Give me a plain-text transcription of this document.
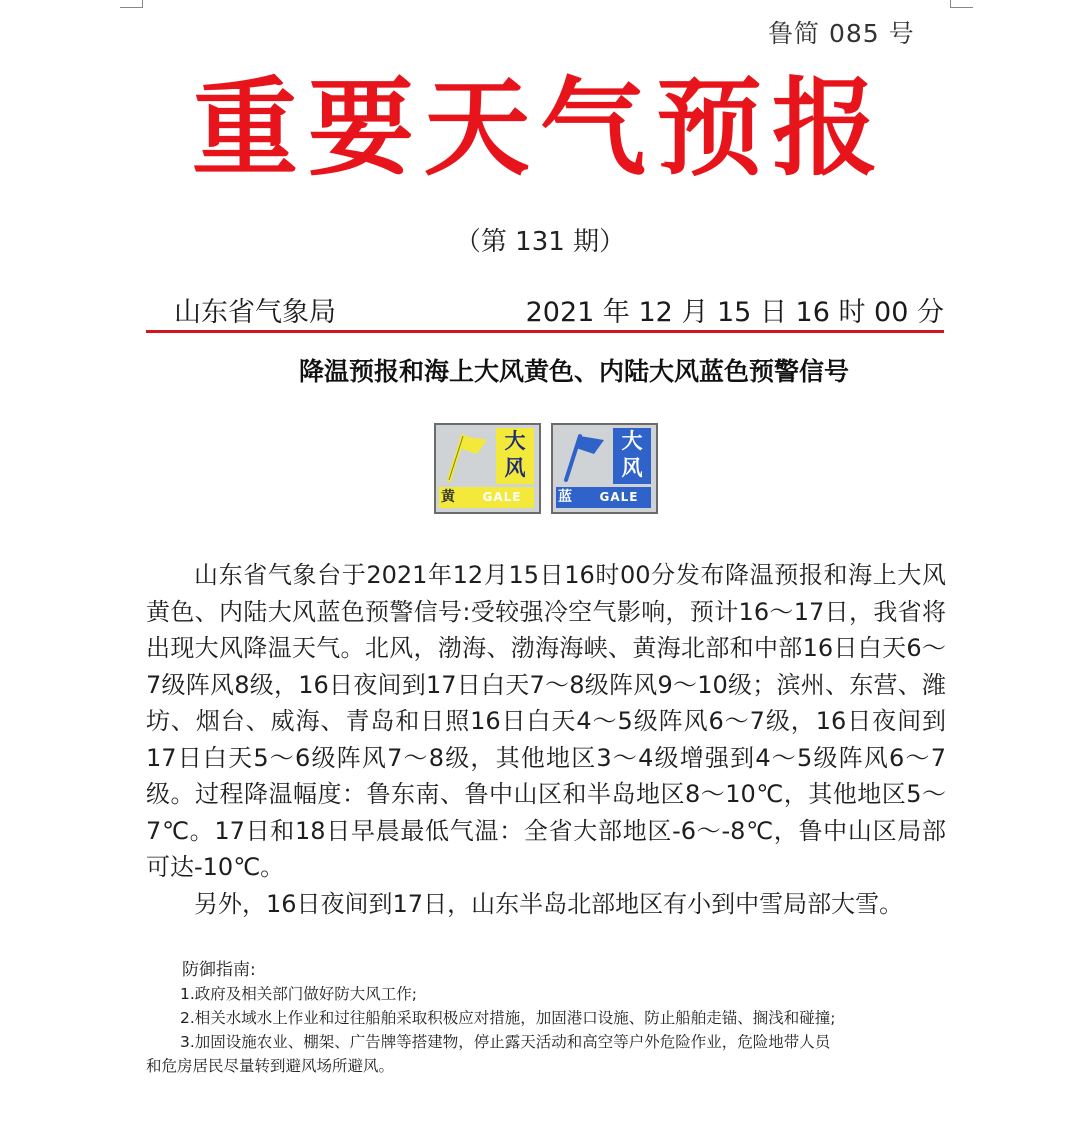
鲁简 085 号
重要天气预报
（第 131 期）
山东省气象局	2021 年 12 月 15 日 16 时 00 分
降温预报和海上大风黄色、内陆大风蓝色预警信号
大
风
黄	GALE
大
风
蓝	GALE

山东省气象台于2021年12月15日16时00分发布降温预报和海上大风黄色、内陆大风蓝色预警信号:受较强冷空气影响，预计16～17日，我省将出现大风降温天气。北风，渤海、渤海海峡、黄海北部和中部16日白天6～7级阵风8级，16日夜间到17日白天7～8级阵风9～10级；滨州、东营、潍坊、烟台、威海、青岛和日照16日白天4～5级阵风6～7级，16日夜间到17日白天5～6级阵风7～8级，其他地区3～4级增强到4～5级阵风6～7级。过程降温幅度：鲁东南、鲁中山区和半岛地区8～10℃，其他地区5～7℃。17日和18日早晨最低气温：全省大部地区-6～-8℃，鲁中山区局部可达-10℃。

另外，16日夜间到17日，山东半岛北部地区有小到中雪局部大雪。

防御指南:
1.政府及相关部门做好防大风工作;
2.相关水域水上作业和过往船舶采取积极应对措施，加固港口设施、防止船舶走锚、搁浅和碰撞;
3.加固设施农业、棚架、广告牌等搭建物，停止露天活动和高空等户外危险作业，危险地带人员
和危房居民尽量转到避风场所避风。
